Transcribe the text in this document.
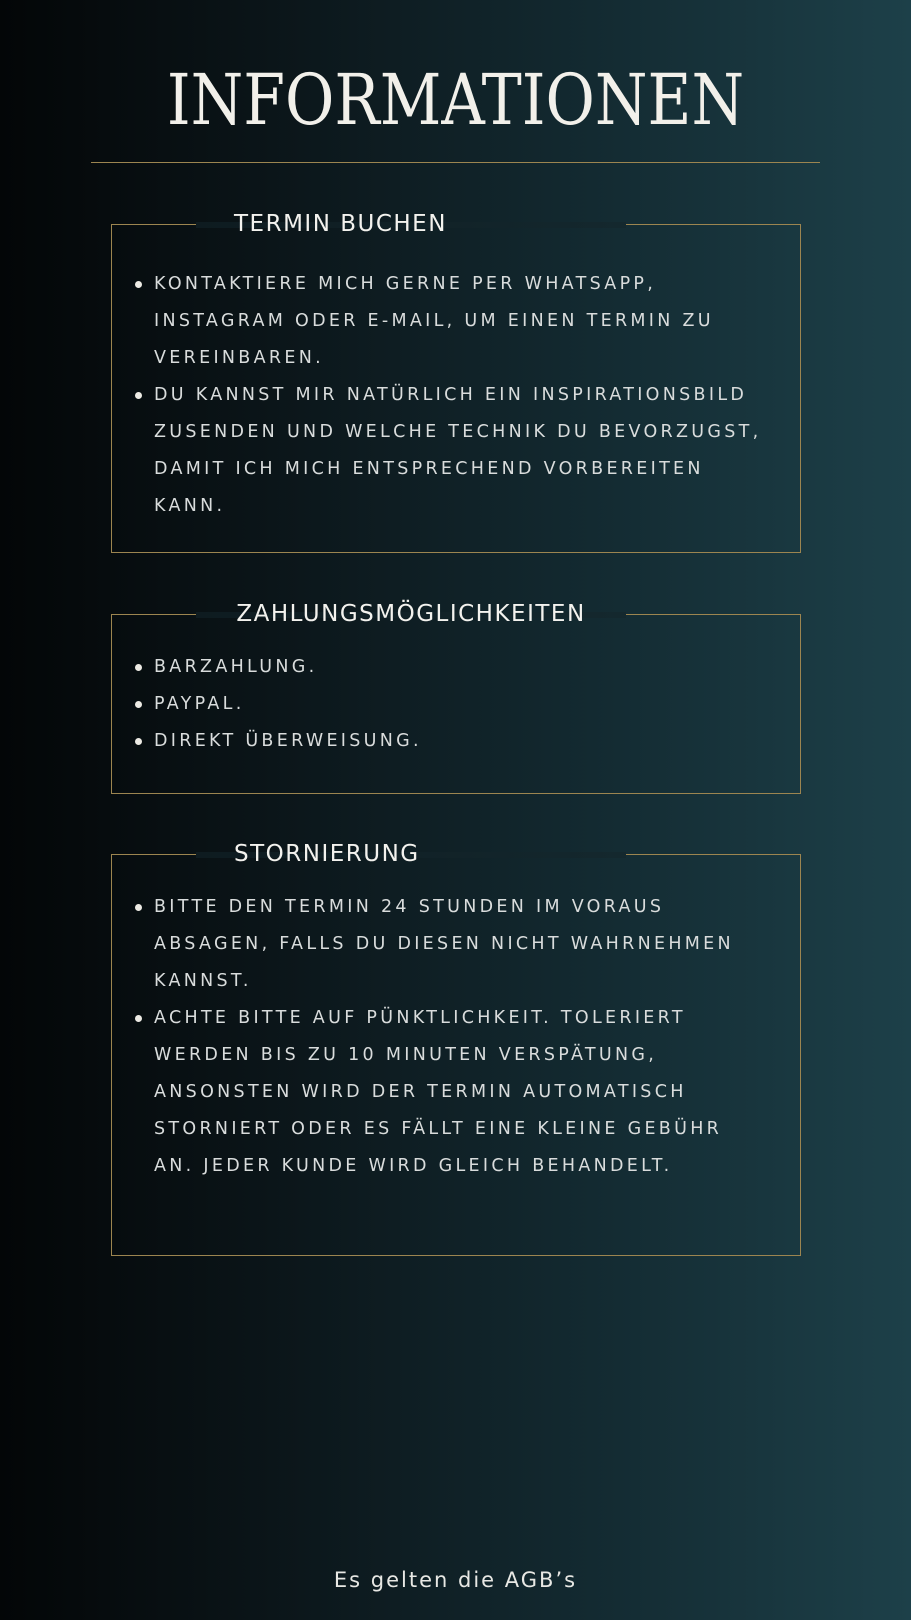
INFORMATIONEN
TERMIN BUCHEN
KONTAKTIERE MICH GERNE PER WHATSAPP, INSTAGRAM ODER E-MAIL, UM EINEN TERMIN ZU VEREINBAREN.
DU KANNST MIR NATÜRLICH EIN INSPIRATIONSBILD ZUSENDEN UND WELCHE TECHNIK DU BEVORZUGST, DAMIT ICH MICH ENTSPRECHEND VORBEREITEN KANN.
ZAHLUNGSMÖGLICHKEITEN
BARZAHLUNG.
PAYPAL.
DIREKT ÜBERWEISUNG.
STORNIERUNG
BITTE DEN TERMIN 24 STUNDEN IM VORAUS ABSAGEN, FALLS DU DIESEN NICHT WAHRNEHMEN KANNST.
ACHTE BITTE AUF PÜNKTLICHKEIT. TOLERIERT WERDEN BIS ZU 10 MINUTEN VERSPÄTUNG, ANSONSTEN WIRD DER TERMIN AUTOMATISCH STORNIERT ODER ES FÄLLT EINE KLEINE GEBÜHR AN. JEDER KUNDE WIRD GLEICH BEHANDELT.
Es gelten die AGB’s
